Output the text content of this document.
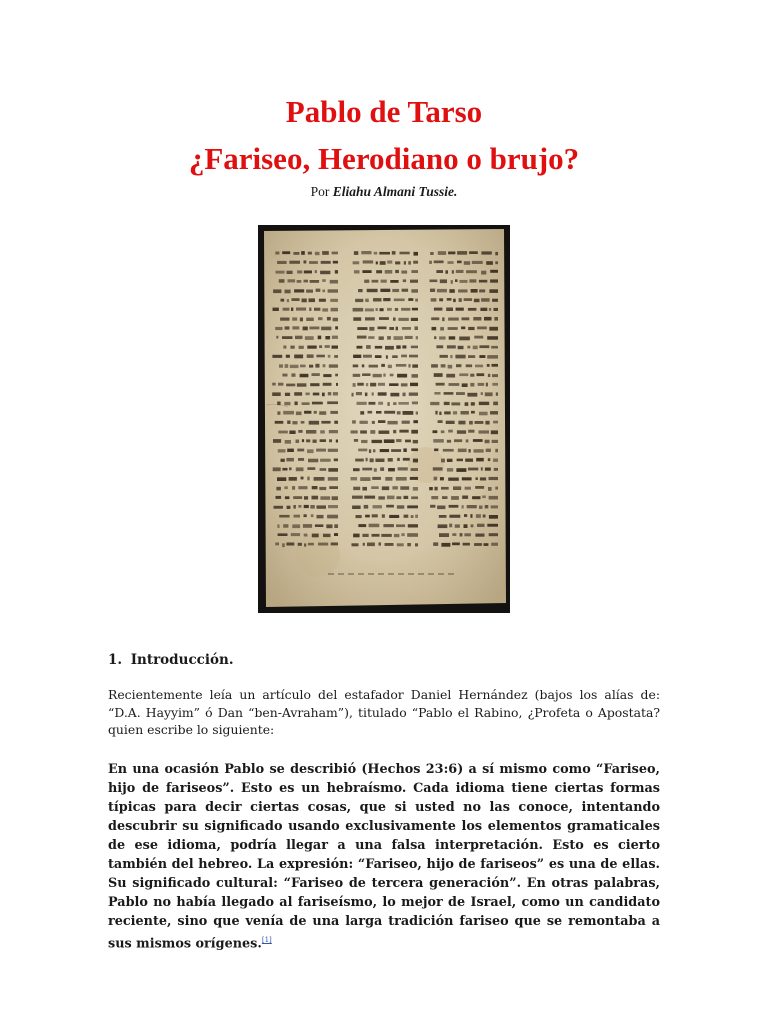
Pablo de Tarso
¿Fariseo, Herodiano o brujo?
Por Eliahu Almani Tussie.
1. Introducción.
Recientemente leía un artículo del estafador Daniel Hernández (bajos los alías de: “D.A. Hayyim” ó Dan “ben-Avraham”), titulado “Pablo el Rabino, ¿Profeta o Apostata? quien escribe lo siguiente:
En una ocasión Pablo se describió (Hechos 23:6) a sí mismo como “Fariseo, hijo de fariseos”. Esto es un hebraísmo. Cada idioma tiene ciertas formas típicas para decir ciertas cosas, que si usted no las conoce, intentando descubrir su significado usando exclusivamente los elementos gramaticales de ese idioma, podría llegar a una falsa interpretación. Esto es cierto también del hebreo. La expresión: “Fariseo, hijo de fariseos” es una de ellas. Su significado cultural: “Fariseo de tercera generación”. En otras palabras, Pablo no había llegado al fariseísmo, lo mejor de Israel, como un candidato reciente, sino que venía de una larga tradición fariseo que se remontaba a sus mismos orígenes.[1]
